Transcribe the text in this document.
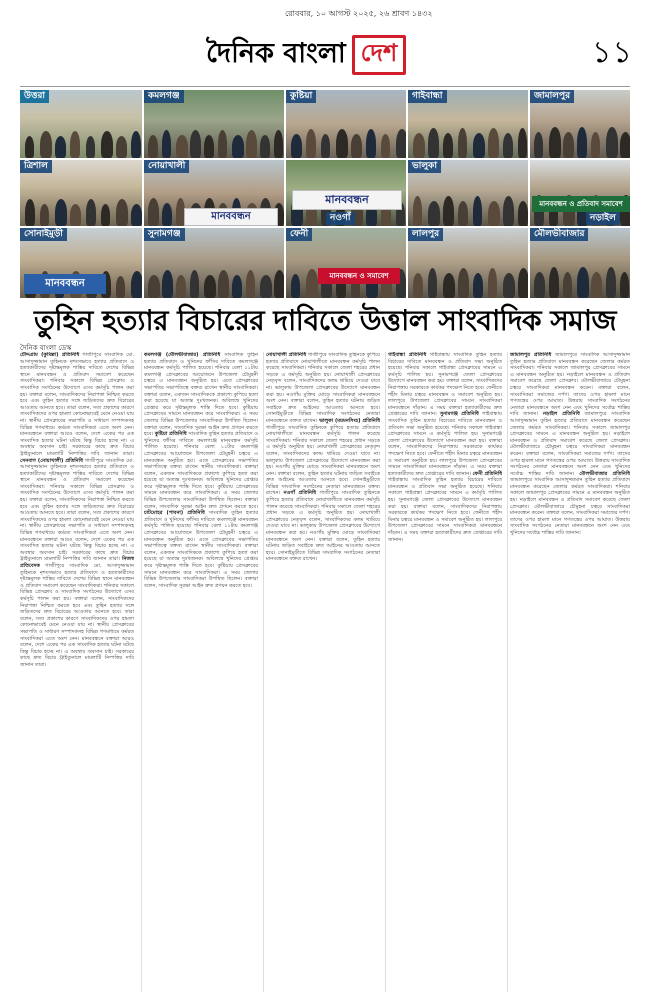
রোববার, ১০ আগস্ট ২০২৫, ২৬ শ্রাবণ ১৪৩২
দৈনিক বাংলা দেশ	১১
উত্তরা	কমলগঞ্জ	কুষ্টিয়া	গাইবান্ধা	জামালপুর
ত্রিশাল	নোয়াখালী
মানববন্ধন
নওগাঁ
ভালুকা
মানববন্ধন ও প্রতিবাদ সমাবেশ
নড়াইল
মানববন্ধন
সোনাইমুড়ী	সুনামগঞ্জ
মানববন্ধন ও সমাবেশ
ফেনী	লালপুর	মৌলভীবাজার
মানববন্ধন
তুহিন হত্যার বিচারের দাবিতে উত্তাল সাংবাদিক সমাজ
দৈনিক বাংলা ডেস্ক
চৌদ্দগ্রাম (কুমিল্লা) প্রতিনিধি গাজীপুরে সাংবাদিক মো. আসাদুজ্জামান তুহিনকে নৃশংসভাবে হত্যার প্রতিবাদে ও হত্যাকারীদের দৃষ্টান্তমূলক শাস্তির দাবিতে দেশের বিভিন্ন স্থানে মানববন্ধন ও প্রতিবাদ সমাবেশ করেছেন সাংবাদিকরা। শনিবার সকালে বিভিন্ন প্রেসক্লাব ও সাংবাদিক সংগঠনের উদ্যোগে এসব কর্মসূচি পালন করা হয়। বক্তারা বলেন, সাংবাদিকদের নিরাপত্তা নিশ্চিত করতে হবে এবং তুহিন হত্যার সঙ্গে জড়িতদের দ্রুত বিচারের আওতায় আনতে হবে। তারা বলেন, সত্য প্রকাশের কারণে সাংবাদিকদের ওপর হামলা কোনোভাবেই মেনে নেওয়া যায় না। স্থানীয় প্রেসক্লাবের সভাপতি ও সাধারণ সম্পাদকসহ বিভিন্ন গণমাধ্যমে কর্মরত সাংবাদিকরা এতে অংশ নেন। মানববন্ধনে বক্তারা আরও বলেন, দেশে একের পর এক সাংবাদিক হত্যার ঘটনা ঘটছে কিন্তু বিচার হচ্ছে না। এ অবস্থার অবসান চাই। সরকারের কাছে দ্রুত বিচার ট্রাইব্যুনালে মামলাটি নিষ্পত্তির দাবি জানান তারা। সেনবাগ (নোয়াখালী) প্রতিনিধি গাজীপুরে সাংবাদিক মো. আসাদুজ্জামান তুহিনকে নৃশংসভাবে হত্যার প্রতিবাদে ও হত্যাকারীদের দৃষ্টান্তমূলক শাস্তির দাবিতে দেশের বিভিন্ন স্থানে মানববন্ধন ও প্রতিবাদ সমাবেশ করেছেন সাংবাদিকরা। শনিবার সকালে বিভিন্ন প্রেসক্লাব ও সাংবাদিক সংগঠনের উদ্যোগে এসব কর্মসূচি পালন করা হয়। বক্তারা বলেন, সাংবাদিকদের নিরাপত্তা নিশ্চিত করতে হবে এবং তুহিন হত্যার সঙ্গে জড়িতদের দ্রুত বিচারের আওতায় আনতে হবে। তারা বলেন, সত্য প্রকাশের কারণে সাংবাদিকদের ওপর হামলা কোনোভাবেই মেনে নেওয়া যায় না। স্থানীয় প্রেসক্লাবের সভাপতি ও সাধারণ সম্পাদকসহ বিভিন্ন গণমাধ্যমে কর্মরত সাংবাদিকরা এতে অংশ নেন। মানববন্ধনে বক্তারা আরও বলেন, দেশে একের পর এক সাংবাদিক হত্যার ঘটনা ঘটছে কিন্তু বিচার হচ্ছে না। এ অবস্থার অবসান চাই। সরকারের কাছে দ্রুত বিচার ট্রাইব্যুনালে মামলাটি নিষ্পত্তির দাবি জানান তারা। নিজস্ব প্রতিবেদক গাজীপুরে সাংবাদিক মো. আসাদুজ্জামান তুহিনকে নৃশংসভাবে হত্যার প্রতিবাদে ও হত্যাকারীদের দৃষ্টান্তমূলক শাস্তির দাবিতে দেশের বিভিন্ন স্থানে মানববন্ধন ও প্রতিবাদ সমাবেশ করেছেন সাংবাদিকরা। শনিবার সকালে বিভিন্ন প্রেসক্লাব ও সাংবাদিক সংগঠনের উদ্যোগে এসব কর্মসূচি পালন করা হয়। বক্তারা বলেন, সাংবাদিকদের নিরাপত্তা নিশ্চিত করতে হবে এবং তুহিন হত্যার সঙ্গে জড়িতদের দ্রুত বিচারের আওতায় আনতে হবে। তারা বলেন, সত্য প্রকাশের কারণে সাংবাদিকদের ওপর হামলা কোনোভাবেই মেনে নেওয়া যায় না। স্থানীয় প্রেসক্লাবের সভাপতি ও সাধারণ সম্পাদকসহ বিভিন্ন গণমাধ্যমে কর্মরত সাংবাদিকরা এতে অংশ নেন। মানববন্ধনে বক্তারা আরও বলেন, দেশে একের পর এক সাংবাদিক হত্যার ঘটনা ঘটছে কিন্তু বিচার হচ্ছে না। এ অবস্থার অবসান চাই। সরকারের কাছে দ্রুত বিচার ট্রাইব্যুনালে মামলাটি নিষ্পত্তির দাবি জানান তারা।
কমলগঞ্জ (মৌলভীবাজার) প্রতিনিধি সাংবাদিক তুহিন হত্যার প্রতিবাদে ও খুনিদের ফাঁসির দাবিতে কমলগঞ্জে মানববন্ধন কর্মসূচি পালিত হয়েছে। শনিবার বেলা ১১টায় কমলগঞ্জ প্রেসক্লাবের আয়োজনে উপজেলা চৌমুহনী চত্বরে এ মানববন্ধন অনুষ্ঠিত হয়। এতে প্রেসক্লাবের সভাপতির সভাপতিত্বে বক্তব্য রাখেন স্থানীয় সাংবাদিকরা। বক্তারা বলেন, একজন সাংবাদিককে প্রকাশ্যে কুপিয়ে হত্যা করা হয়েছে যা অত্যন্ত দুঃখজনক। অবিলম্বে খুনিদের গ্রেপ্তার করে দৃষ্টান্তমূলক শাস্তি দিতে হবে। কুষ্টিয়ায় প্রেসক্লাবের সামনে মানববন্ধন করে সাংবাদিকরা। এ সময় জেলার বিভিন্ন উপজেলার সাংবাদিকরা উপস্থিত ছিলেন। বক্তারা বলেন, সাংবাদিক সুরক্ষা আইন দ্রুত প্রণয়ন করতে হবে। কুষ্টিয়া প্রতিনিধি সাংবাদিক তুহিন হত্যার প্রতিবাদে ও খুনিদের ফাঁসির দাবিতে কমলগঞ্জে মানববন্ধন কর্মসূচি পালিত হয়েছে। শনিবার বেলা ১১টায় কমলগঞ্জ প্রেসক্লাবের আয়োজনে উপজেলা চৌমুহনী চত্বরে এ মানববন্ধন অনুষ্ঠিত হয়। এতে প্রেসক্লাবের সভাপতির সভাপতিত্বে বক্তব্য রাখেন স্থানীয় সাংবাদিকরা। বক্তারা বলেন, একজন সাংবাদিককে প্রকাশ্যে কুপিয়ে হত্যা করা হয়েছে যা অত্যন্ত দুঃখজনক। অবিলম্বে খুনিদের গ্রেপ্তার করে দৃষ্টান্তমূলক শাস্তি দিতে হবে। কুষ্টিয়ায় প্রেসক্লাবের সামনে মানববন্ধন করে সাংবাদিকরা। এ সময় জেলার বিভিন্ন উপজেলার সাংবাদিকরা উপস্থিত ছিলেন। বক্তারা বলেন, সাংবাদিক সুরক্ষা আইন দ্রুত প্রণয়ন করতে হবে। চাটমোহর (পাবনা) প্রতিনিধি সাংবাদিক তুহিন হত্যার প্রতিবাদে ও খুনিদের ফাঁসির দাবিতে কমলগঞ্জে মানববন্ধন কর্মসূচি পালিত হয়েছে। শনিবার বেলা ১১টায় কমলগঞ্জ প্রেসক্লাবের আয়োজনে উপজেলা চৌমুহনী চত্বরে এ মানববন্ধন অনুষ্ঠিত হয়। এতে প্রেসক্লাবের সভাপতির সভাপতিত্বে বক্তব্য রাখেন স্থানীয় সাংবাদিকরা। বক্তারা বলেন, একজন সাংবাদিককে প্রকাশ্যে কুপিয়ে হত্যা করা হয়েছে যা অত্যন্ত দুঃখজনক। অবিলম্বে খুনিদের গ্রেপ্তার করে দৃষ্টান্তমূলক শাস্তি দিতে হবে। কুষ্টিয়ায় প্রেসক্লাবের সামনে মানববন্ধন করে সাংবাদিকরা। এ সময় জেলার বিভিন্ন উপজেলার সাংবাদিকরা উপস্থিত ছিলেন। বক্তারা বলেন, সাংবাদিক সুরক্ষা আইন দ্রুত প্রণয়ন করতে হবে।
নোয়াখালী প্রতিনিধি গাজীপুরে সাংবাদিক তুহিনকে কুপিয়ে হত্যার প্রতিবাদে নোয়াখালীতে মানববন্ধন কর্মসূচি পালন করেছে সাংবাদিকরা। শনিবার সকালে জেলা শহরের প্রধান সড়কে এ কর্মসূচি অনুষ্ঠিত হয়। নোয়াখালী প্রেসক্লাবের নেতৃবৃন্দ বলেন, সাংবাদিকদের কলম থামিয়ে দেওয়া যাবে না। ভালুকায় উপজেলা প্রেসক্লাবের উদ্যোগে মানববন্ধন করা হয়। নওগাঁয় মুক্তির মোড়ে সাংবাদিকরা মানববন্ধনে অংশ নেন। বক্তারা বলেন, তুহিন হত্যার ঘটনায় জড়িত সবাইকে দ্রুত আইনের আওতায় আনতে হবে। সোনাইমুড়ীতে বিভিন্ন সাংবাদিক সংগঠনের নেতারা মানববন্ধনে বক্তব্য রাখেন। ভালুকা (ময়মনসিংহ) প্রতিনিধি গাজীপুরে সাংবাদিক তুহিনকে কুপিয়ে হত্যার প্রতিবাদে নোয়াখালীতে মানববন্ধন কর্মসূচি পালন করেছে সাংবাদিকরা। শনিবার সকালে জেলা শহরের প্রধান সড়কে এ কর্মসূচি অনুষ্ঠিত হয়। নোয়াখালী প্রেসক্লাবের নেতৃবৃন্দ বলেন, সাংবাদিকদের কলম থামিয়ে দেওয়া যাবে না। ভালুকায় উপজেলা প্রেসক্লাবের উদ্যোগে মানববন্ধন করা হয়। নওগাঁয় মুক্তির মোড়ে সাংবাদিকরা মানববন্ধনে অংশ নেন। বক্তারা বলেন, তুহিন হত্যার ঘটনায় জড়িত সবাইকে দ্রুত আইনের আওতায় আনতে হবে। সোনাইমুড়ীতে বিভিন্ন সাংবাদিক সংগঠনের নেতারা মানববন্ধনে বক্তব্য রাখেন। নওগাঁ প্রতিনিধি গাজীপুরে সাংবাদিক তুহিনকে কুপিয়ে হত্যার প্রতিবাদে নোয়াখালীতে মানববন্ধন কর্মসূচি পালন করেছে সাংবাদিকরা। শনিবার সকালে জেলা শহরের প্রধান সড়কে এ কর্মসূচি অনুষ্ঠিত হয়। নোয়াখালী প্রেসক্লাবের নেতৃবৃন্দ বলেন, সাংবাদিকদের কলম থামিয়ে দেওয়া যাবে না। ভালুকায় উপজেলা প্রেসক্লাবের উদ্যোগে মানববন্ধন করা হয়। নওগাঁয় মুক্তির মোড়ে সাংবাদিকরা মানববন্ধনে অংশ নেন। বক্তারা বলেন, তুহিন হত্যার ঘটনায় জড়িত সবাইকে দ্রুত আইনের আওতায় আনতে হবে। সোনাইমুড়ীতে বিভিন্ন সাংবাদিক সংগঠনের নেতারা মানববন্ধনে বক্তব্য রাখেন।
গাইবান্ধা প্রতিনিধি গাইবান্ধায় সাংবাদিক তুহিন হত্যার বিচারের দাবিতে মানববন্ধন ও প্রতিবাদ সভা অনুষ্ঠিত হয়েছে। শনিবার সকালে গাইবান্ধা প্রেসক্লাবের সামনে এ কর্মসূচি পালিত হয়। সুনামগঞ্জে জেলা প্রেসক্লাবের উদ্যোগে মানববন্ধন করা হয়। বক্তারা বলেন, সাংবাদিকদের নিরাপত্তায় সরকারকে কার্যকর পদক্ষেপ নিতে হবে। ফেনীতে শহীদ মিনার চত্বরে মানববন্ধন ও সমাবেশ অনুষ্ঠিত হয়। লালপুরে উপজেলা প্রেসক্লাবের সামনে সাংবাদিকরা মানববন্ধনে দাঁড়ান। এ সময় বক্তারা হত্যাকারীদের দ্রুত গ্রেপ্তারের দাবি জানান। সুনামগঞ্জ প্রতিনিধি গাইবান্ধায় সাংবাদিক তুহিন হত্যার বিচারের দাবিতে মানববন্ধন ও প্রতিবাদ সভা অনুষ্ঠিত হয়েছে। শনিবার সকালে গাইবান্ধা প্রেসক্লাবের সামনে এ কর্মসূচি পালিত হয়। সুনামগঞ্জে জেলা প্রেসক্লাবের উদ্যোগে মানববন্ধন করা হয়। বক্তারা বলেন, সাংবাদিকদের নিরাপত্তায় সরকারকে কার্যকর পদক্ষেপ নিতে হবে। ফেনীতে শহীদ মিনার চত্বরে মানববন্ধন ও সমাবেশ অনুষ্ঠিত হয়। লালপুরে উপজেলা প্রেসক্লাবের সামনে সাংবাদিকরা মানববন্ধনে দাঁড়ান। এ সময় বক্তারা হত্যাকারীদের দ্রুত গ্রেপ্তারের দাবি জানান। ফেনী প্রতিনিধি গাইবান্ধায় সাংবাদিক তুহিন হত্যার বিচারের দাবিতে মানববন্ধন ও প্রতিবাদ সভা অনুষ্ঠিত হয়েছে। শনিবার সকালে গাইবান্ধা প্রেসক্লাবের সামনে এ কর্মসূচি পালিত হয়। সুনামগঞ্জে জেলা প্রেসক্লাবের উদ্যোগে মানববন্ধন করা হয়। বক্তারা বলেন, সাংবাদিকদের নিরাপত্তায় সরকারকে কার্যকর পদক্ষেপ নিতে হবে। ফেনীতে শহীদ মিনার চত্বরে মানববন্ধন ও সমাবেশ অনুষ্ঠিত হয়। লালপুরে উপজেলা প্রেসক্লাবের সামনে সাংবাদিকরা মানববন্ধনে দাঁড়ান। এ সময় বক্তারা হত্যাকারীদের দ্রুত গ্রেপ্তারের দাবি জানান।
জামালপুর প্রতিনিধি জামালপুরে সাংবাদিক আসাদুজ্জামান তুহিন হত্যার প্রতিবাদে মানববন্ধন করেছেন জেলার কর্মরত সাংবাদিকরা। শনিবার সকালে জামালপুর প্রেসক্লাবের সামনে এ মানববন্ধন অনুষ্ঠিত হয়। নড়াইলে মানববন্ধন ও প্রতিবাদ সমাবেশ করেছে জেলা প্রেসক্লাব। মৌলভীবাজারে চৌমুহনা চত্বরে সাংবাদিকরা মানববন্ধন করেন। বক্তারা বলেন, সাংবাদিকরা সমাজের দর্পণ। তাদের ওপর হামলা মানে গণতন্ত্রের ওপর আঘাত। উত্তরায় সাংবাদিক সংগঠনের নেতারা মানববন্ধনে অংশ নেন এবং খুনিদের সর্বোচ্চ শাস্তির দাবি জানান। নড়াইল প্রতিনিধি জামালপুরে সাংবাদিক আসাদুজ্জামান তুহিন হত্যার প্রতিবাদে মানববন্ধন করেছেন জেলার কর্মরত সাংবাদিকরা। শনিবার সকালে জামালপুর প্রেসক্লাবের সামনে এ মানববন্ধন অনুষ্ঠিত হয়। নড়াইলে মানববন্ধন ও প্রতিবাদ সমাবেশ করেছে জেলা প্রেসক্লাব। মৌলভীবাজারে চৌমুহনা চত্বরে সাংবাদিকরা মানববন্ধন করেন। বক্তারা বলেন, সাংবাদিকরা সমাজের দর্পণ। তাদের ওপর হামলা মানে গণতন্ত্রের ওপর আঘাত। উত্তরায় সাংবাদিক সংগঠনের নেতারা মানববন্ধনে অংশ নেন এবং খুনিদের সর্বোচ্চ শাস্তির দাবি জানান। মৌলভীবাজার প্রতিনিধি জামালপুরে সাংবাদিক আসাদুজ্জামান তুহিন হত্যার প্রতিবাদে মানববন্ধন করেছেন জেলার কর্মরত সাংবাদিকরা। শনিবার সকালে জামালপুর প্রেসক্লাবের সামনে এ মানববন্ধন অনুষ্ঠিত হয়। নড়াইলে মানববন্ধন ও প্রতিবাদ সমাবেশ করেছে জেলা প্রেসক্লাব। মৌলভীবাজারে চৌমুহনা চত্বরে সাংবাদিকরা মানববন্ধন করেন। বক্তারা বলেন, সাংবাদিকরা সমাজের দর্পণ। তাদের ওপর হামলা মানে গণতন্ত্রের ওপর আঘাত। উত্তরায় সাংবাদিক সংগঠনের নেতারা মানববন্ধনে অংশ নেন এবং খুনিদের সর্বোচ্চ শাস্তির দাবি জানান।
